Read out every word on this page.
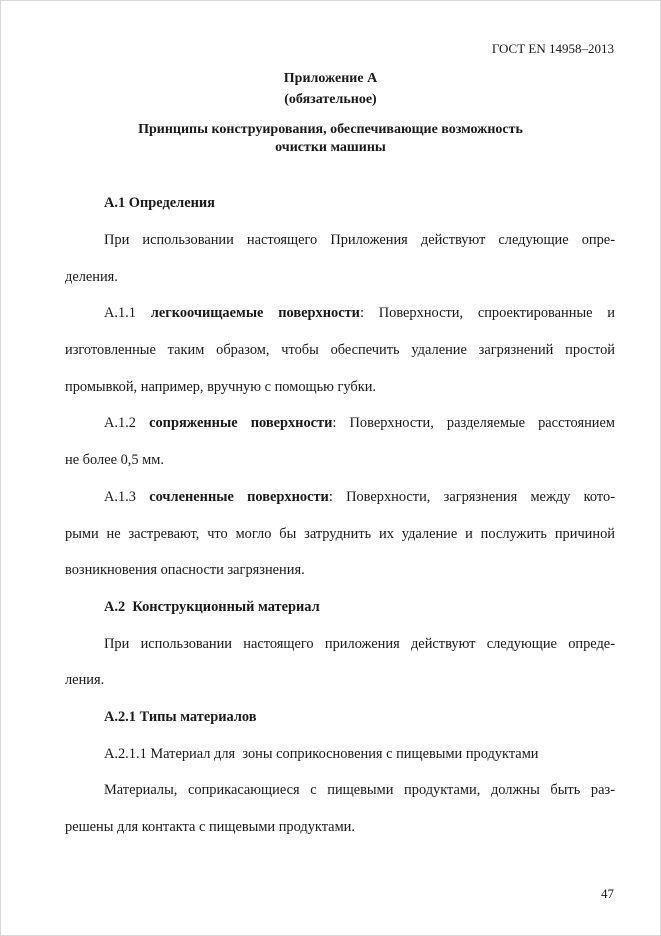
ГОСТ EN 14958–2013
Приложение А
(обязательное)
Принципы конструирования, обеспечивающие возможность
очистки машины
А.1 Определения
При использовании настоящего Приложения действуют следующие опре-
деления.
А.1.1 легкоочищаемые поверхности: Поверхности, спроектированные и
изготовленные таким образом, чтобы обеспечить удаление загрязнений простой
промывкой, например, вручную с помощью губки.
А.1.2 сопряженные поверхности: Поверхности, разделяемые расстоянием
не более 0,5 мм.
А.1.3 сочлененные поверхности: Поверхности, загрязнения между кото-
рыми не застревают, что могло бы затруднить их удаление и послужить причиной
возникновения опасности загрязнения.
А.2  Конструкционный материал
При использовании настоящего приложения действуют следующие опреде-
ления.
А.2.1 Типы материалов
А.2.1.1 Материал для  зоны соприкосновения с пищевыми продуктами
Материалы, соприкасающиеся с пищевыми продуктами, должны быть раз-
решены для контакта с пищевыми продуктами.
47
